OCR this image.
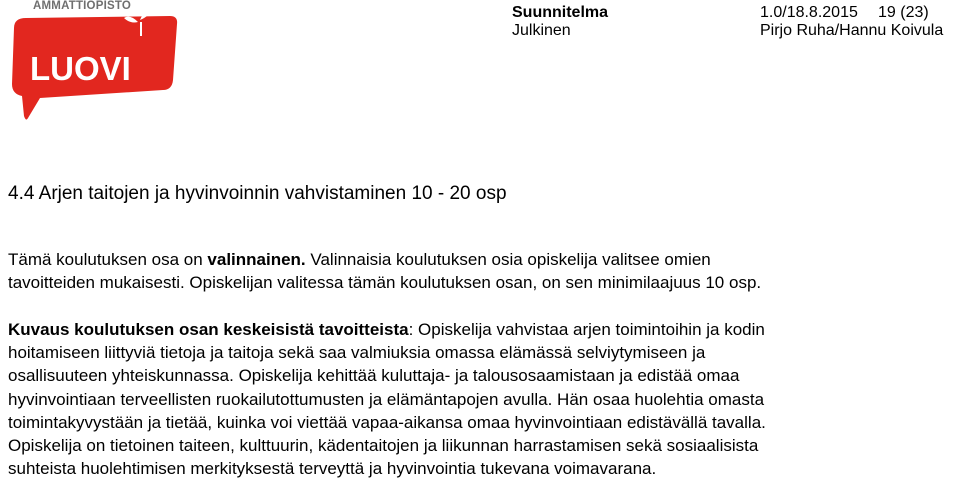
AMMATTIOPISTO
LUOVI
Suunnitelma	1.0/18.8.2015 19 (23)
Julkinen	Pirjo Ruha/Hannu Koivula
4.4 Arjen taitojen ja hyvinvoinnin vahvistaminen 10 - 20 osp
Tämä koulutuksen osa on valinnainen. Valinnaisia koulutuksen osia opiskelija valitsee omien
tavoitteiden mukaisesti. Opiskelijan valitessa tämän koulutuksen osan, on sen minimilaajuus 10 osp.
Kuvaus koulutuksen osan keskeisistä tavoitteista: Opiskelija vahvistaa arjen toimintoihin ja kodin
hoitamiseen liittyviä tietoja ja taitoja sekä saa valmiuksia omassa elämässä selviytymiseen ja
osallisuuteen yhteiskunnassa. Opiskelija kehittää kuluttaja- ja talousosaamistaan ja edistää omaa
hyvinvointiaan terveellisten ruokailutottumusten ja elämäntapojen avulla. Hän osaa huolehtia omasta
toimintakyvystään ja tietää, kuinka voi viettää vapaa-aikansa omaa hyvinvointiaan edistävällä tavalla.
Opiskelija on tietoinen taiteen, kulttuurin, kädentaitojen ja liikunnan harrastamisen sekä sosiaalisista
suhteista huolehtimisen merkityksestä terveyttä ja hyvinvointia tukevana voimavarana.
